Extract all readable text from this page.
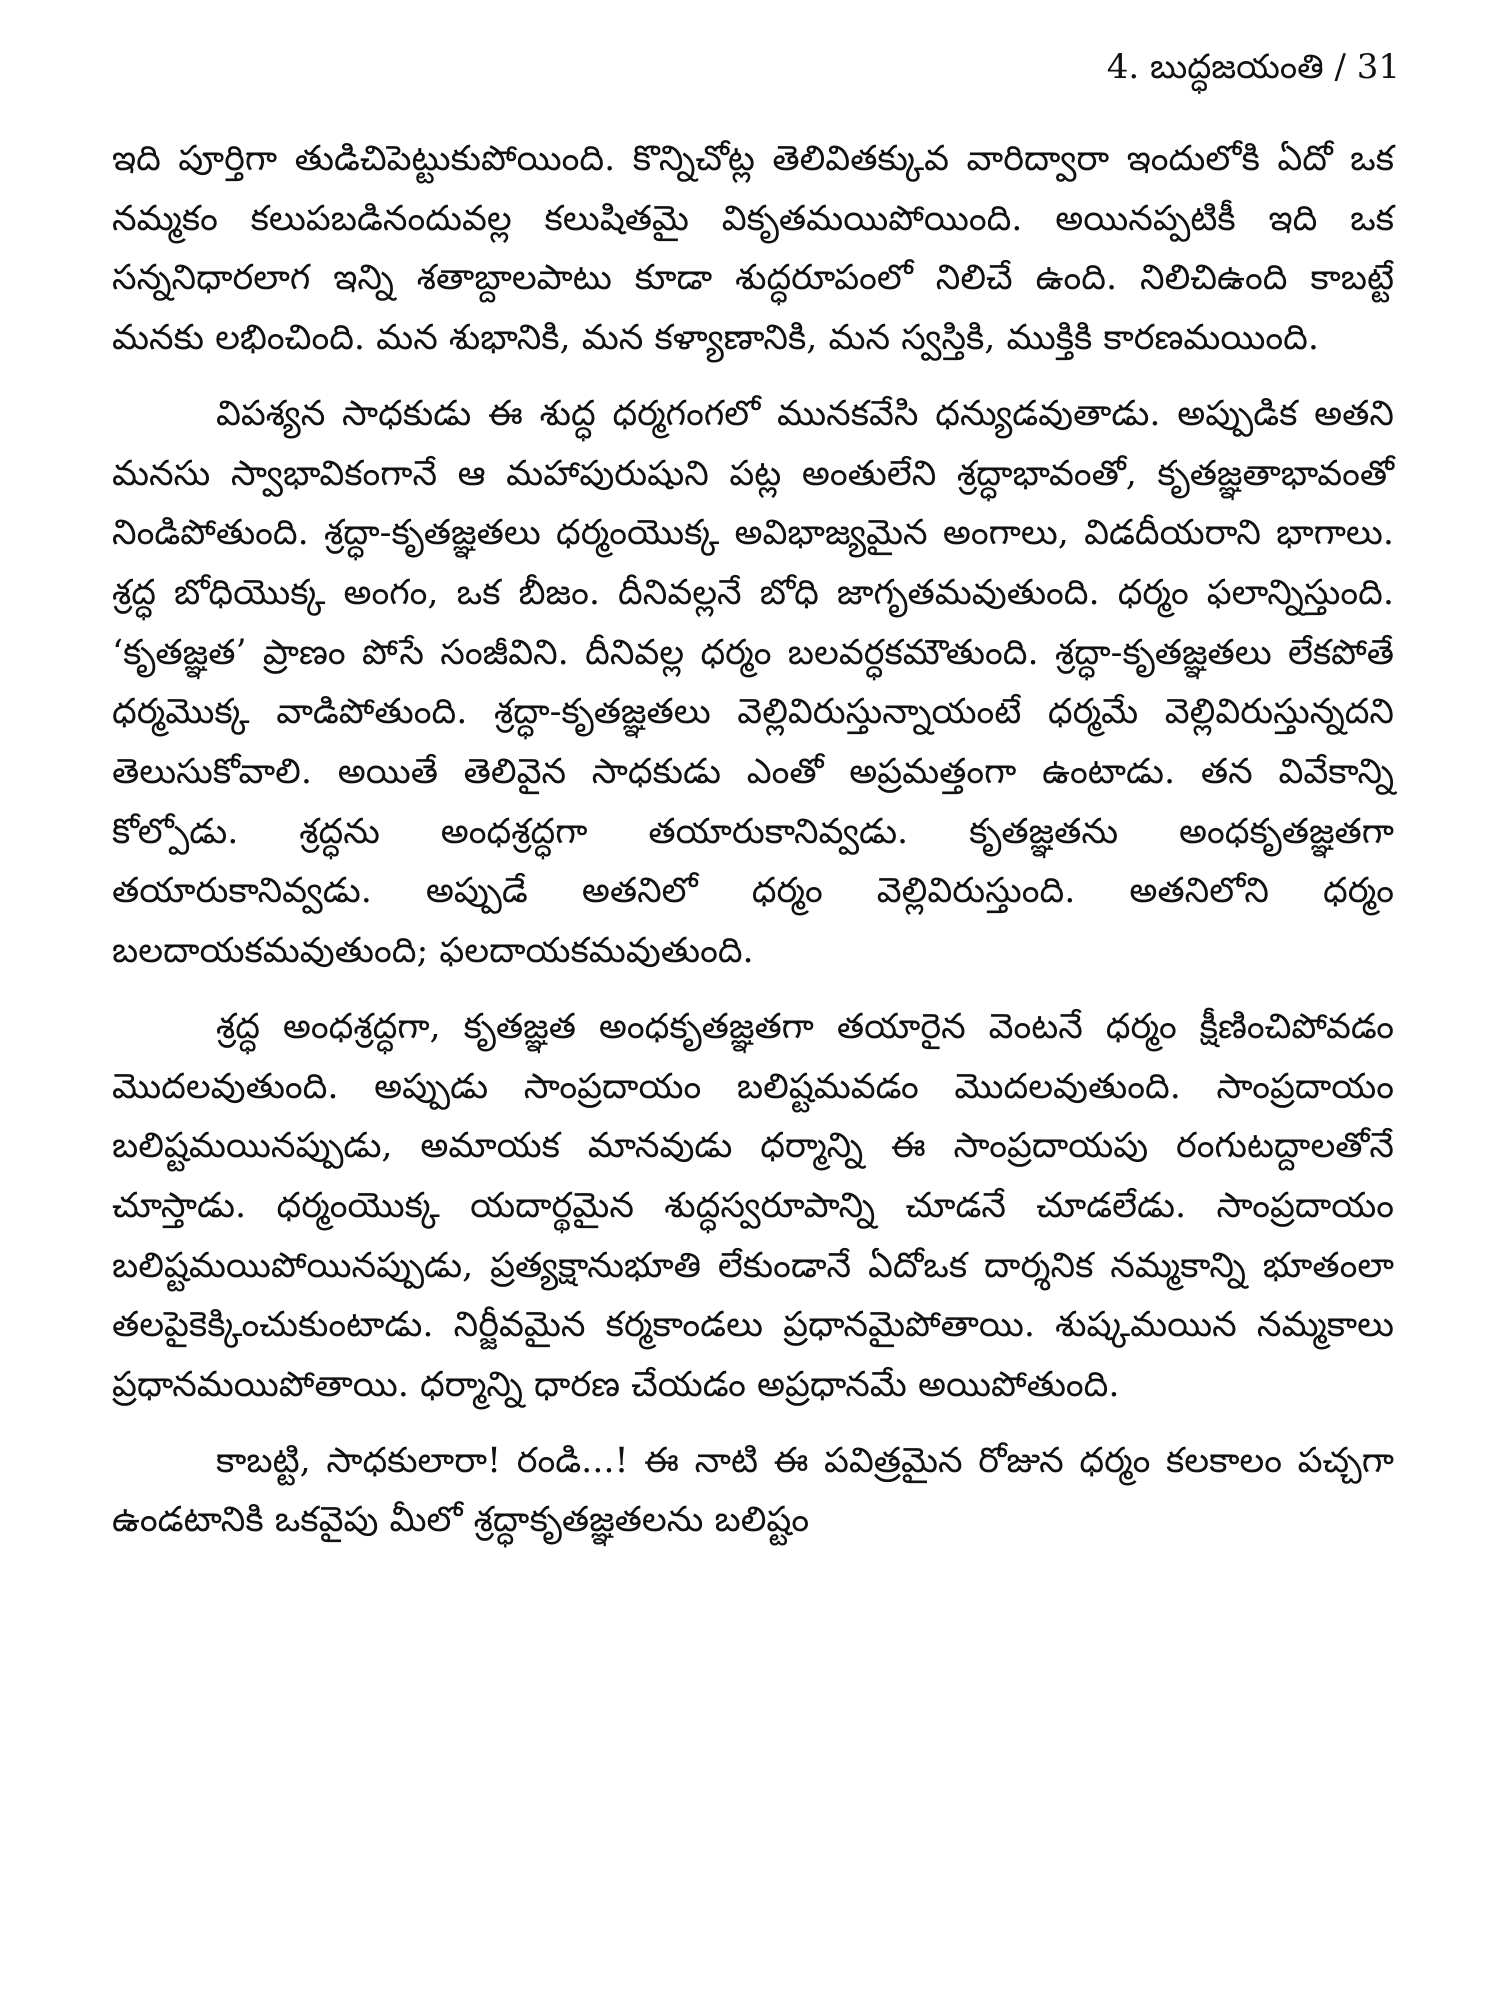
4. బుద్ధజయంతి / 31

ఇది పూర్తిగా తుడిచిపెట్టుకుపోయింది. కొన్నిచోట్ల తెలివితక్కువ వారిద్వారా ఇందులోకి ఏదో ఒక నమ్మకం కలుపబడినందువల్ల కలుషితమై వికృతమయిపోయింది. అయినప్పటికీ ఇది ఒక సన్ననిధారలాగ ఇన్ని శతాబ్దాలపాటు కూడా శుద్ధరూపంలో నిలిచే ఉంది. నిలిచిఉంది కాబట్టే మనకు లభించింది. మన శుభానికి, మన కళ్యాణానికి, మన స్వస్తికి, ముక్తికి కారణమయింది.

విపశ్యన సాధకుడు ఈ శుద్ధ ధర్మగంగలో మునకవేసి ధన్యుడవుతాడు. అప్పుడిక అతని మనసు స్వాభావికంగానే ఆ మహాపురుషుని పట్ల అంతులేని శ్రద్ధాభావంతో, కృతజ్ఞతాభావంతో నిండిపోతుంది. శ్రద్ధా-కృతజ్ఞతలు ధర్మంయొక్క అవిభాజ్యమైన అంగాలు, విడదీయరాని భాగాలు. శ్రద్ధ బోధియొక్క అంగం, ఒక బీజం. దీనివల్లనే బోధి జాగృతమవుతుంది. ధర్మం ఫలాన్నిస్తుంది. ‘కృతజ్ఞత’ ప్రాణం పోసే సంజీవిని. దీనివల్ల ధర్మం బలవర్ధకమౌతుంది. శ్రద్ధా-కృతజ్ఞతలు లేకపోతే ధర్మమొక్క వాడిపోతుంది. శ్రద్ధా-కృతజ్ఞతలు వెల్లివిరుస్తున్నాయంటే ధర్మమే వెల్లివిరుస్తున్నదని తెలుసుకోవాలి. అయితే తెలివైన సాధకుడు ఎంతో అప్రమత్తంగా ఉంటాడు. తన వివేకాన్ని కోల్పోడు. శ్రద్ధను అంధశ్రద్ధగా తయారుకానివ్వడు. కృతజ్ఞతను అంధకృతజ్ఞతగా తయారుకానివ్వడు. అప్పుడే అతనిలో ధర్మం వెల్లివిరుస్తుంది. అతనిలోని ధర్మం బలదాయకమవుతుంది; ఫలదాయకమవుతుంది.

శ్రద్ధ అంధశ్రద్ధగా, కృతజ్ఞత అంధకృతజ్ఞతగా తయారైన వెంటనే ధర్మం క్షీణించిపోవడం మొదలవుతుంది. అప్పుడు సాంప్రదాయం బలిష్టమవడం మొదలవుతుంది. సాంప్రదాయం బలిష్టమయినప్పుడు, అమాయక మానవుడు ధర్మాన్ని ఈ సాంప్రదాయపు రంగుటద్దాలతోనే చూస్తాడు. ధర్మంయొక్క యదార్థమైన శుద్ధస్వరూపాన్ని చూడనే చూడలేడు. సాంప్రదాయం బలిష్టమయిపోయినప్పుడు, ప్రత్యక్షానుభూతి లేకుండానే ఏదోఒక దార్శనిక నమ్మకాన్ని భూతంలా తలపైకెక్కించుకుంటాడు. నిర్జీవమైన కర్మకాండలు ప్రధానమైపోతాయి. శుష్కమయిన నమ్మకాలు ప్రధానమయిపోతాయి. ధర్మాన్ని ధారణ చేయడం అప్రధానమే అయిపోతుంది.

కాబట్టి, సాధకులారా! రండి...! ఈ నాటి ఈ పవిత్రమైన రోజున ధర్మం కలకాలం పచ్చగా ఉండటానికి ఒకవైపు మీలో శ్రద్ధాకృతజ్ఞతలను బలిష్టం
